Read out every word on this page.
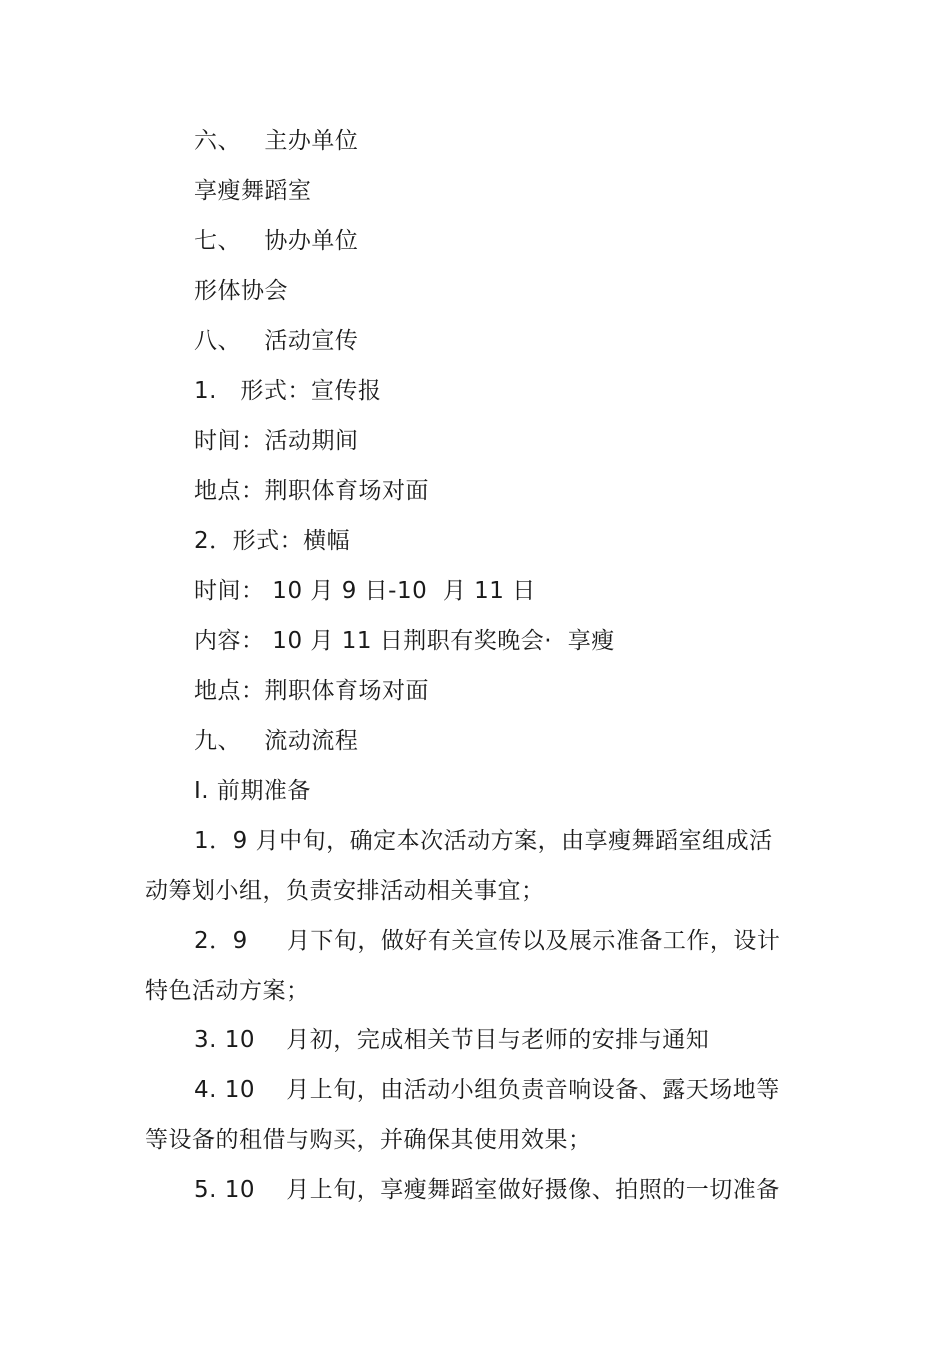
六、   主办单位
享瘦舞蹈室
七、   协办单位
形体协会
八、   活动宣传
1.   形式：宣传报
时间：活动期间
地点：荆职体育场对面
2．形式：横幅
时间： 10 月 9 日-10  月 11 日
内容： 10 月 11 日荆职有奖晚会·  享瘦
地点：荆职体育场对面
九、   流动流程
Ⅰ. 前期准备
1．9 月中旬，确定本次活动方案，由享瘦舞蹈室组成活
动筹划小组，负责安排活动相关事宜；
2．9     月下旬，做好有关宣传以及展示准备工作，设计
特色活动方案；
3. 10    月初，完成相关节目与老师的安排与通知
4. 10    月上旬，由活动小组负责音响设备、露天场地等
等设备的租借与购买，并确保其使用效果；
5. 10    月上旬，享瘦舞蹈室做好摄像、拍照的一切准备
